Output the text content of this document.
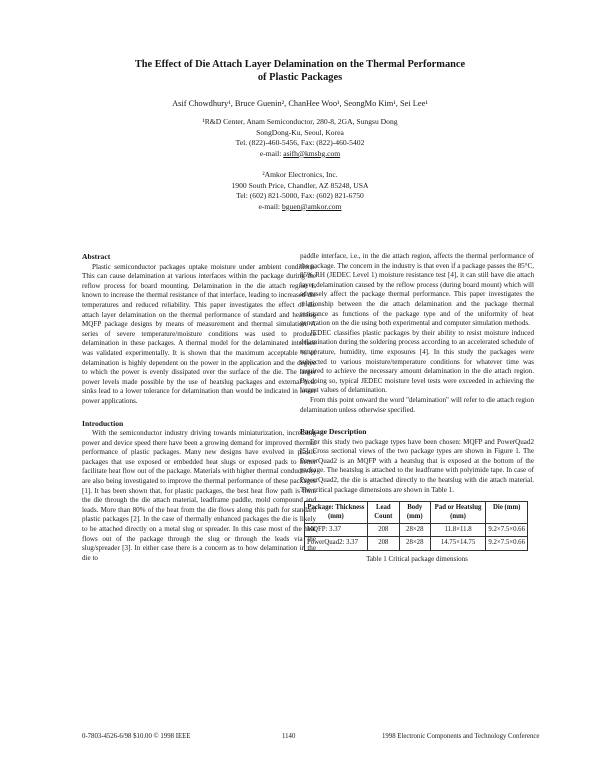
The Effect of Die Attach Layer Delamination on the Thermal Performance
of Plastic Packages
Asif Chowdhury¹, Bruce Guenin², ChanHee Woo¹, SeongMo Kim¹, Sei Lee¹
¹R&D Center, Anam Semiconductor, 280-8, 2GA, Sungsu Dong
SongDong-Ku, Seoul, Korea
Tel. (822)-460-5456, Fax: (822)-460-5402
e-mail: asifh@kmsbg.com
²Amkor Electronics, Inc.
1900 South Price, Chandler, AZ 85248, USA
Tel: (602) 821-5000, Fax: (602) 821-6750
e-mail: bguen@amkor.com
Abstract

Plastic semiconductor packages uptake moisture under ambient conditions. This can cause delamination at various interfaces within the package during the reflow process for board mounting. Delamination in the die attach region is known to increase the thermal resistance of that interface, leading to increased die temperatures and reduced reliability. This paper investigates the effect of die attach layer delamination on the thermal performance of standard and heatslug MQFP package designs by means of measurement and thermal simulation. A series of severe temperature/moisture conditions was used to produce delamination in these packages. A thermal model for the delaminated interface was validated experimentally. It is shown that the maximum acceptable % of delamination is highly dependent on the power in the application and the degree to which the power is evenly dissipated over the surface of the die. The larger power levels made possible by the use of heatslug packages and external heat sinks lead to a lower tolerance for delamination than would be indicated in lower power applications.

Introduction

With the semiconductor industry driving towards miniaturization, increasing power and device speed there have been a growing demand for improved thermal performance of plastic packages. Many new designs have evolved in plastic packages that use exposed or embedded heat slugs or exposed pads to better facilitate heat flow out of the package. Materials with higher thermal conductivity are also being investigated to improve the thermal performance of these packages [1]. It has been shown that, for plastic packages, the best heat flow path is from the die through the die attach material, leadframe paddle, mold compound and leads. More than 80% of the heat from the die flows along this path for standard plastic packages [2]. In the case of thermally enhanced packages the die is likely to be attached directly on a metal slug or spreader. In this case most of the heat flows out of the package through the slug or through the leads via the slug/spreader [3]. In either case there is a concern as to how delamination in the die to

paddle interface, i.e., in the die attach region, affects the thermal performance of the package. The concern in the industry is that even if a package passes the 85°C, 85% RH (JEDEC Level 1) moisture resistance test [4], it can still have die attach layer delamination caused by the reflow process (during board mount) which will adversely affect the package thermal performance. This paper investigates the relationship between the die attach delamination and the package thermal resistance as functions of the package type and of the uniformity of heat generation on the die using both experimental and computer simulation methods.

JEDEC classifies plastic packages by their ability to resist moisture induced delamination during the soldering process according to an accelerated schedule of temperature, humidity, time exposures [4]. In this study the packages were subjected to various moisture/temperature conditions for whatever time was required to achieve the necessary amount delamination in the die attach region. By doing so, typical JEDEC moisture level tests were exceeded in achieving the largest values of delamination.

From this point onward the word "delamination" will refer to die attach region delamination unless otherwise specified.

Package Description

For this study two package types have been chosen: MQFP and PowerQuad2 [5]. Cross sectional views of the two package types are shown in Figure 1. The PowerQuad2 is an MQFP with a heatslug that is exposed at the bottom of the package. The heatslug is attached to the leadframe with polyimide tape. In case of PowerQuad2, the die is attached directly to the heatslug with die attach material. The critical package dimensions are shown in Table 1.

Package: Thickness (mm)	Lead Count	Body (mm)	Pad or Heatslug (mm)	Die (mm)
MQFP: 3.37	208	28×28	11.8×11.8	9.2×7.5×0.66
PowerQuad2: 3.37	208	28×28	14.75×14.75	9.2×7.5×0.66
Table 1 Critical package dimensions
0-7803-4526-6/98 $10.00 © 1998 IEEE	1140	1998 Electronic Components and Technology Conference
